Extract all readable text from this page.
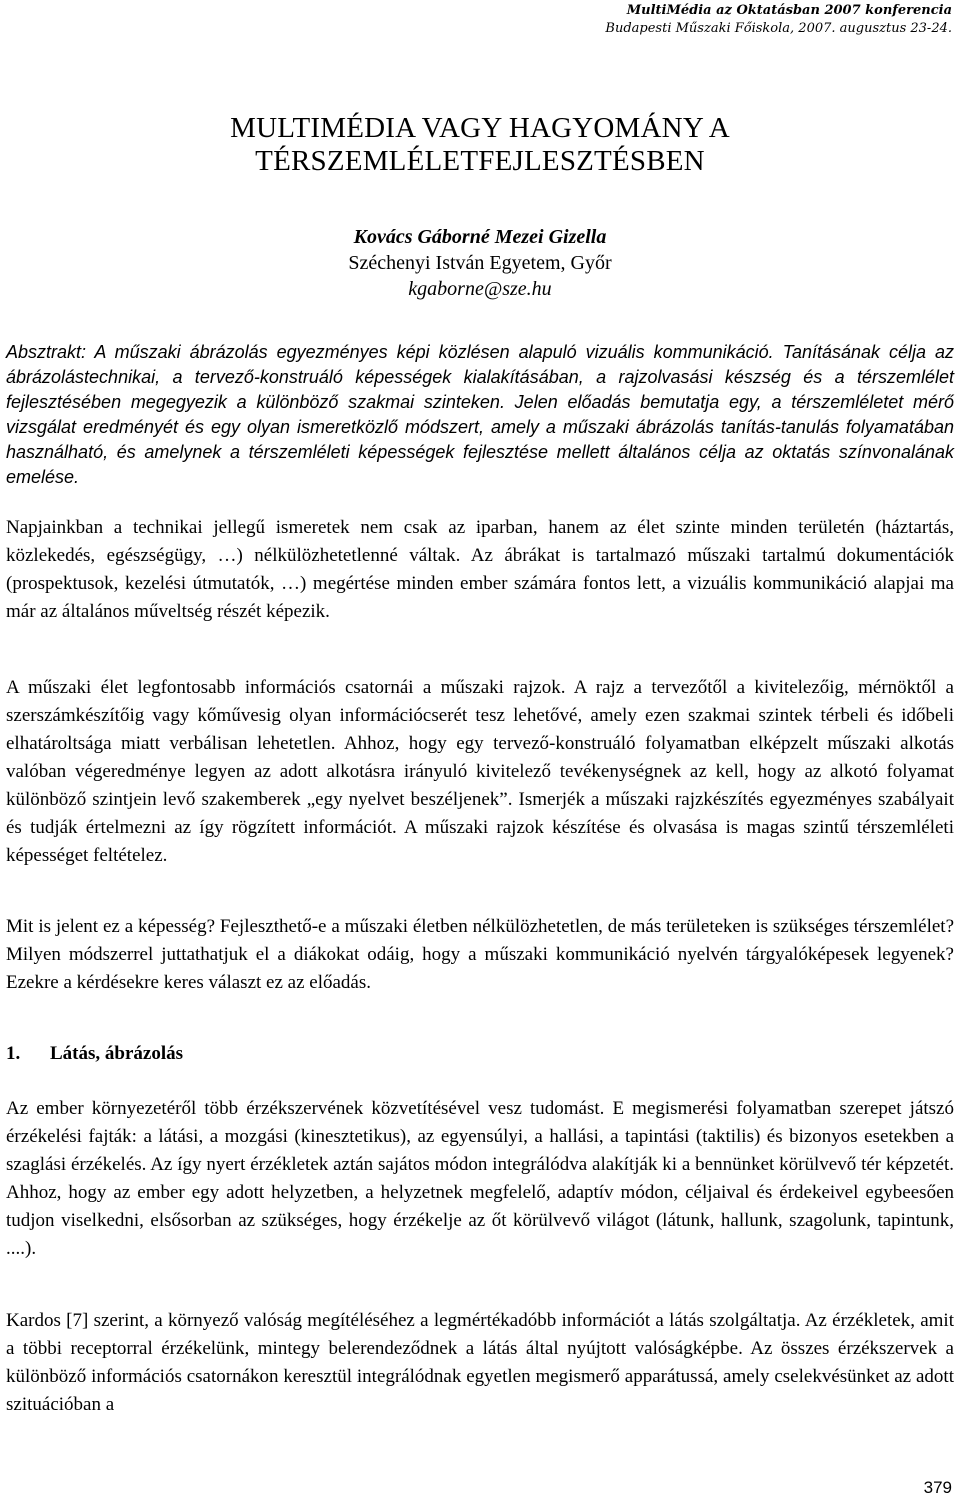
MultiMédia az Oktatásban 2007 konferencia
Budapesti Műszaki Főiskola, 2007. augusztus 23-24.
MULTIMÉDIA VAGY HAGYOMÁNY A
TÉRSZEMLÉLETFEJLESZTÉSBEN
Kovács Gáborné Mezei Gizella
Széchenyi István Egyetem, Győr
kgaborne@sze.hu
Absztrakt: A műszaki ábrázolás egyezményes képi közlésen alapuló vizuális kommunikáció. Tanításának célja az ábrázolástechnikai, a tervező-konstruáló képességek kialakításában, a rajzolvasási készség és a térszemlélet fejlesztésében megegyezik a különböző szakmai szinteken. Jelen előadás bemutatja egy, a térszemléletet mérő vizsgálat eredményét és egy olyan ismeretközlő módszert, amely a műszaki ábrázolás tanítás-tanulás folyamatában használható, és amelynek a térszemléleti képességek fejlesztése mellett általános célja az oktatás színvonalának emelése.
Napjainkban a technikai jellegű ismeretek nem csak az iparban, hanem az élet szinte minden területén (háztartás, közlekedés, egészségügy, …) nélkülözhetetlenné váltak. Az ábrákat is tartalmazó műszaki tartalmú dokumentációk (prospektusok, kezelési útmutatók, …) megértése minden ember számára fontos lett, a vizuális kommunikáció alapjai ma már az általános műveltség részét képezik.
A műszaki élet legfontosabb információs csatornái a műszaki rajzok. A rajz a tervezőtől a kivitelezőig, mérnöktől a szerszámkészítőig vagy kőművesig olyan információcserét tesz lehetővé, amely ezen szakmai szintek térbeli és időbeli elhatároltsága miatt verbálisan lehetetlen. Ahhoz, hogy egy tervező-konstruáló folyamatban elképzelt műszaki alkotás valóban végeredménye legyen az adott alkotásra irányuló kivitelező tevékenységnek az kell, hogy az alkotó folyamat különböző szintjein levő szakemberek „egy nyelvet beszéljenek”. Ismerjék a műszaki rajzkészítés egyezményes szabályait és tudják értelmezni az így rögzített információt. A műszaki rajzok készítése és olvasása is magas szintű térszemléleti képességet feltételez.
Mit is jelent ez a képesség? Fejleszthető-e a műszaki életben nélkülözhetetlen, de más területeken is szükséges térszemlélet? Milyen módszerrel juttathatjuk el a diákokat odáig, hogy a műszaki kommunikáció nyelvén tárgyalóképesek legyenek? Ezekre a kérdésekre keres választ ez az előadás.
1. Látás, ábrázolás
Az ember környezetéről több érzékszervének közvetítésével vesz tudomást. E megismerési folyamatban szerepet játszó érzékelési fajták: a látási, a mozgási (kinesztetikus), az egyensúlyi, a hallási, a tapintási (taktilis) és bizonyos esetekben a szaglási érzékelés. Az így nyert érzékletek aztán sajátos módon integrálódva alakítják ki a bennünket körülvevő tér képzetét. Ahhoz, hogy az ember egy adott helyzetben, a helyzetnek megfelelő, adaptív módon, céljaival és érdekeivel egybeesően tudjon viselkedni, elsősorban az szükséges, hogy érzékelje az őt körülvevő világot (látunk, hallunk, szagolunk, tapintunk, ....).
Kardos [7] szerint, a környező valóság megítéléséhez a legmértékadóbb információt a látás szolgáltatja. Az érzékletek, amit a többi receptorral érzékelünk, mintegy belerendeződnek a látás által nyújtott valóságképbe. Az összes érzékszervek a különböző információs csatornákon keresztül integrálódnak egyetlen megismerő apparátussá, amely cselekvésünket az adott szituációban a
379
